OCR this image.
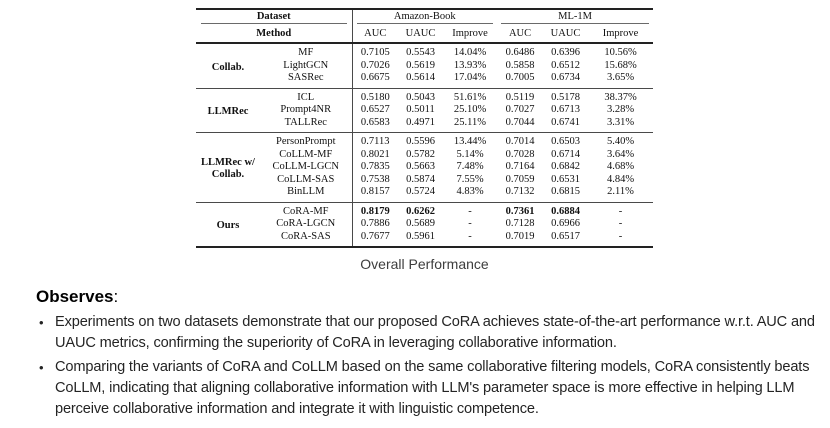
Dataset		Amazon-Book			ML-1M		

Method		AUC	UAUC	Improve	AUC	UAUC	Improve
Collab.	MF	0.7105	0.5543	14.04%	0.6486	0.6396	10.56%
	LightGCN	0.7026	0.5619	13.93%	0.5858	0.6512	15.68%
	SASRec	0.6675	0.5614	17.04%	0.7005	0.6734	3.65%
LLMRec	ICL	0.5180	0.5043	51.61%	0.5119	0.5178	38.37%
	Prompt4NR	0.6527	0.5011	25.10%	0.7027	0.6713	3.28%
	TALLRec	0.6583	0.4971	25.11%	0.7044	0.6741	3.31%
LLMRec w/ Collab.	PersonPrompt	0.7113	0.5596	13.44%	0.7014	0.6503	5.40%
	CoLLM-MF	0.8021	0.5782	5.14%	0.7028	0.6714	3.64%
	CoLLM-LGCN	0.7835	0.5663	7.48%	0.7164	0.6842	4.68%
	CoLLM-SAS	0.7538	0.5874	7.55%	0.7059	0.6531	4.84%
	BinLLM	0.8157	0.5724	4.83%	0.7132	0.6815	2.11%
Ours	CoRA-MF	0.8179	0.6262	-	0.7361	0.6884	-
	CoRA-LGCN	0.7886	0.5689	-	0.7128	0.6966	-
	CoRA-SAS	0.7677	0.5961	-	0.7019	0.6517	-
Overall Performance
Observes:
• Experiments on two datasets demonstrate that our proposed CoRA achieves state-of-the-art performance w.r.t. AUC and UAUC metrics, confirming the superiority of CoRA in leveraging collaborative information.
• Comparing the variants of CoRA and CoLLM based on the same collaborative filtering models, CoRA consistently beats CoLLM, indicating that aligning collaborative information with LLM's parameter space is more effective in helping LLM perceive collaborative information and integrate it with linguistic competence.
